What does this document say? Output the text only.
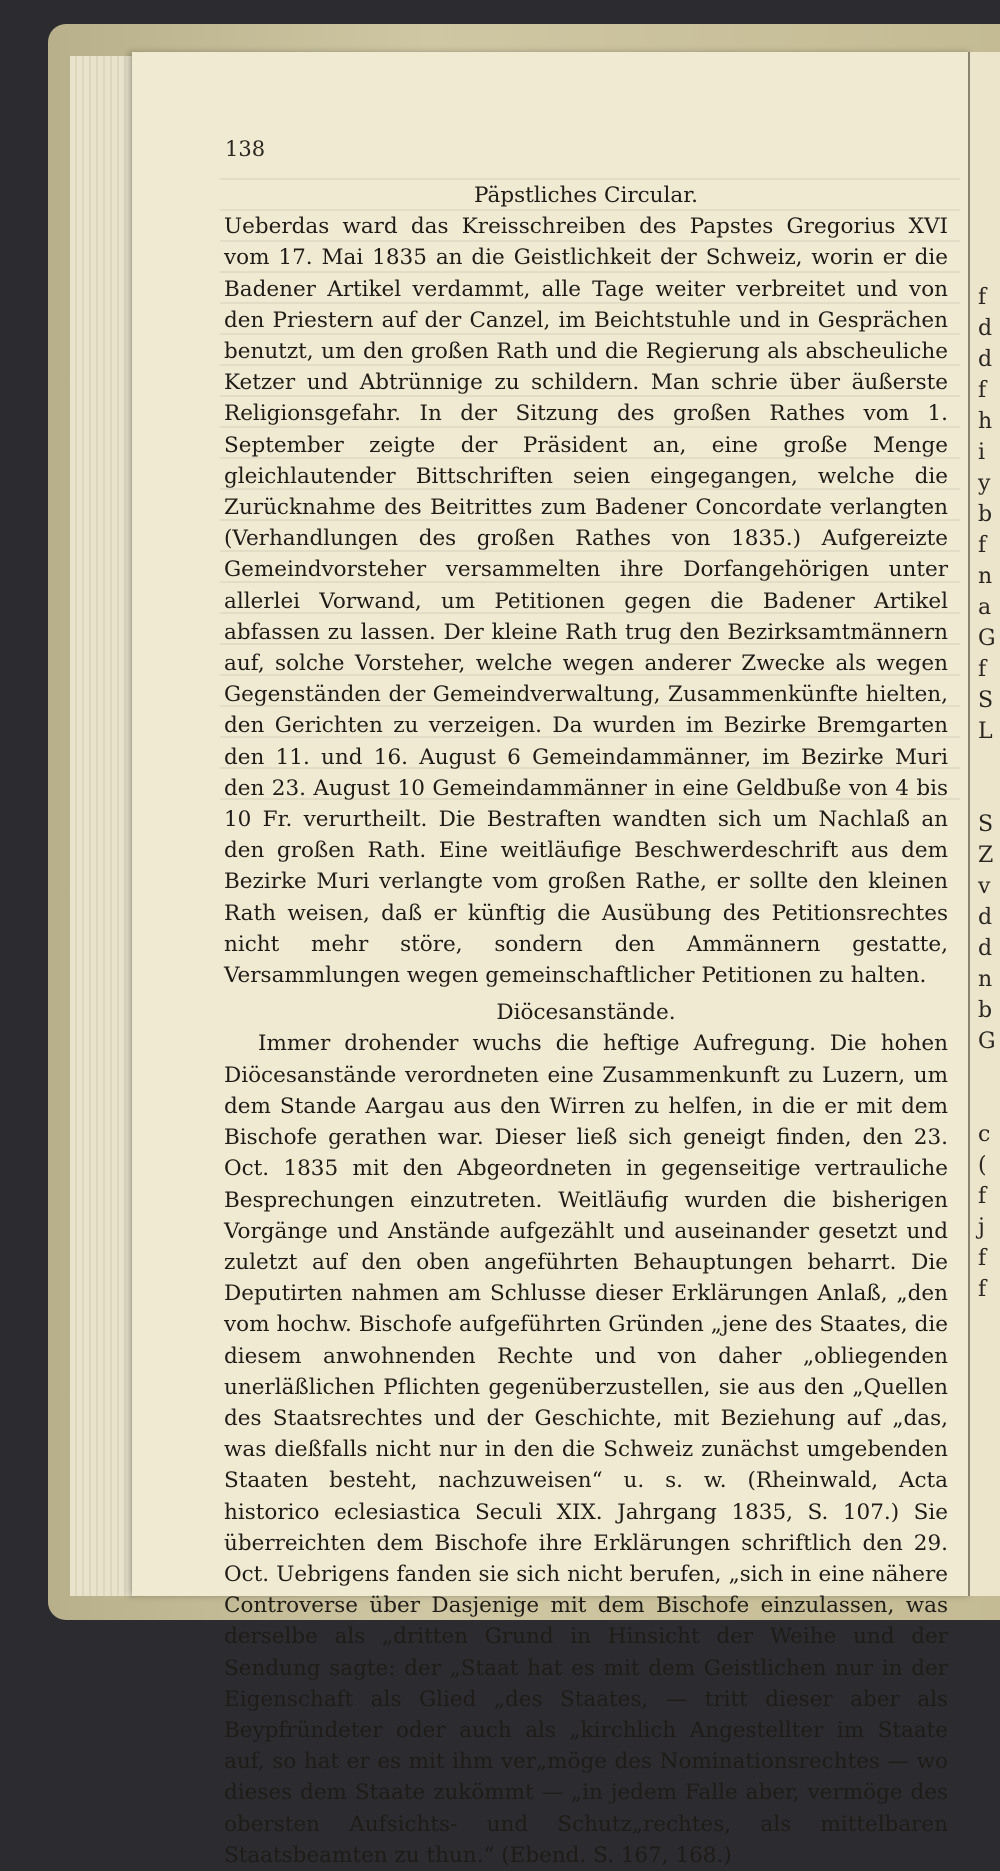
f
d
d
f
h
i
y
b
f
n
a
G
f
S
L

S
Z
v
d
d
n
b
G

c
(
f
j
f
f
138

Päpstliches Circular.

Ueberdas ward das Kreisschreiben des Papstes Gregorius XVI vom 17. Mai 1835 an die Geistlichkeit der Schweiz, worin er die Badener Artikel verdammt, alle Tage weiter verbreitet und von den Priestern auf der Canzel, im Beichtstuhle und in Gesprächen benutzt, um den großen Rath und die Regierung als abscheuliche Ketzer und Abtrünnige zu schildern. Man schrie über äußerste Religionsgefahr. In der Sitzung des großen Rathes vom 1. September zeigte der Präsident an, eine große Menge gleichlautender Bittschriften seien eingegangen, welche die Zurücknahme des Beitrittes zum Badener Concordate verlangten (Verhandlungen des großen Rathes von 1835.) Aufgereizte Gemeindvorsteher versammelten ihre Dorfangehörigen unter allerlei Vorwand, um Petitionen gegen die Badener Artikel abfassen zu lassen. Der kleine Rath trug den Bezirksamtmännern auf, solche Vorsteher, welche wegen anderer Zwecke als wegen Gegenständen der Gemeindverwaltung, Zusammenkünfte hielten, den Gerichten zu verzeigen. Da wurden im Bezirke Bremgarten den 11. und 16. August 6 Gemeindammänner, im Bezirke Muri den 23. August 10 Gemeindammänner in eine Geldbuße von 4 bis 10 Fr. verurtheilt. Die Bestraften wandten sich um Nachlaß an den großen Rath. Eine weitläufige Beschwerdeschrift aus dem Bezirke Muri verlangte vom großen Rathe, er sollte den kleinen Rath weisen, daß er künftig die Ausübung des Petitionsrechtes nicht mehr störe, sondern den Ammännern gestatte, Versammlungen wegen gemeinschaftlicher Petitionen zu halten.

Diöcesanstände.

Immer drohender wuchs die heftige Aufregung. Die hohen Diöcesanstände verordneten eine Zusammenkunft zu Luzern, um dem Stande Aargau aus den Wirren zu helfen, in die er mit dem Bischofe gerathen war. Dieser ließ sich geneigt finden, den 23. Oct. 1835 mit den Abgeordneten in gegenseitige vertrauliche Besprechungen einzutreten. Weitläufig wurden die bisherigen Vorgänge und Anstände aufgezählt und auseinander gesetzt und zuletzt auf den oben angeführten Behauptungen beharrt. Die Deputirten nahmen am Schlusse dieser Erklärungen Anlaß, „den vom hochw. Bischofe aufgeführten Gründen „jene des Staates, die diesem anwohnenden Rechte und von daher „obliegenden unerläßlichen Pflichten gegenüberzustellen, sie aus den „Quellen des Staatsrechtes und der Geschichte, mit Beziehung auf „das, was dießfalls nicht nur in den die Schweiz zunächst umgebenden Staaten besteht, nachzuweisen“ u. s. w. (Rheinwald, Acta historico eclesiastica Seculi XIX. Jahrgang 1835, S. 107.) Sie überreichten dem Bischofe ihre Erklärungen schriftlich den 29. Oct. Uebrigens fanden sie sich nicht berufen, „sich in eine nähere Controverse über Dasjenige mit dem Bischofe einzulassen, was derselbe als „dritten Grund in Hinsicht der Weihe und der Sendung sagte: der „Staat hat es mit dem Geistlichen nur in der Eigenschaft als Glied „des Staates, — tritt dieser aber als Beypfründeter oder auch als „kirchlich Angestellter im Staate auf, so hat er es mit ihm ver„möge des Nominationsrechtes — wo dieses dem Staate zukömmt — „in jedem Falle aber, vermöge des obersten Aufsichts- und Schutz„rechtes, als mittelbaren Staatsbeamten zu thun.“ (Ebend. S. 167, 168.)
